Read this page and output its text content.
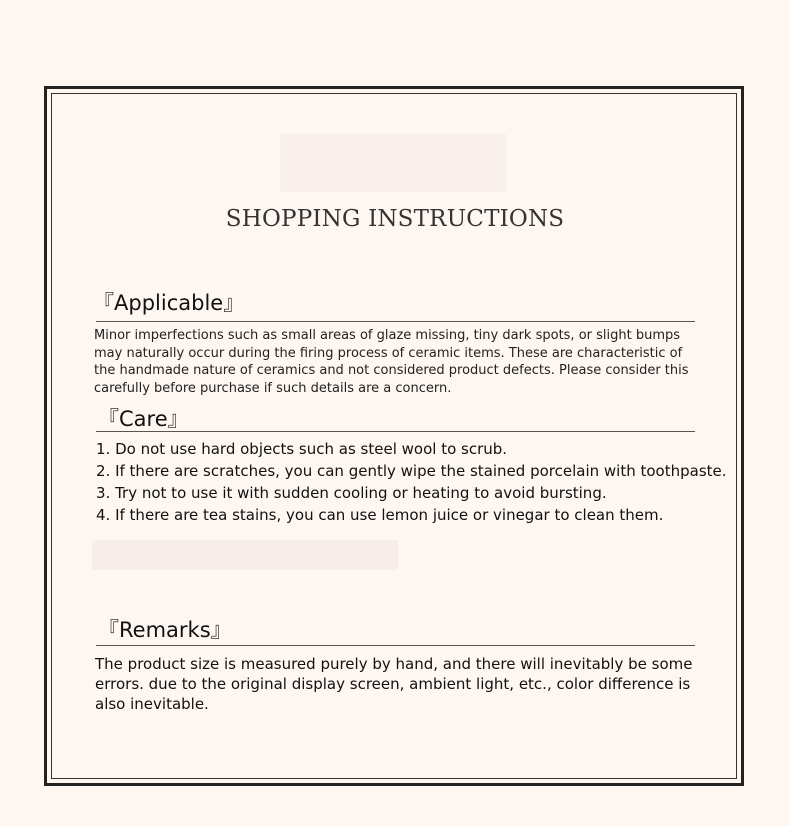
SHOPPING INSTRUCTIONS
『Applicable』
Minor imperfections such as small areas of glaze missing, tiny dark spots, or slight bumps may naturally occur during the firing process of ceramic items. These are characteristic of the handmade nature of ceramics and not considered product defects. Please consider this carefully before purchase if such details are a concern.
『Care』
1. Do not use hard objects such as steel wool to scrub.
2. If there are scratches, you can gently wipe the stained porcelain with toothpaste.
3. Try not to use it with sudden cooling or heating to avoid bursting.
4. If there are tea stains, you can use lemon juice or vinegar to clean them.
『Remarks』
The product size is measured purely by hand, and there will inevitably be some errors. due to the original display screen, ambient light, etc., color difference is also inevitable.
